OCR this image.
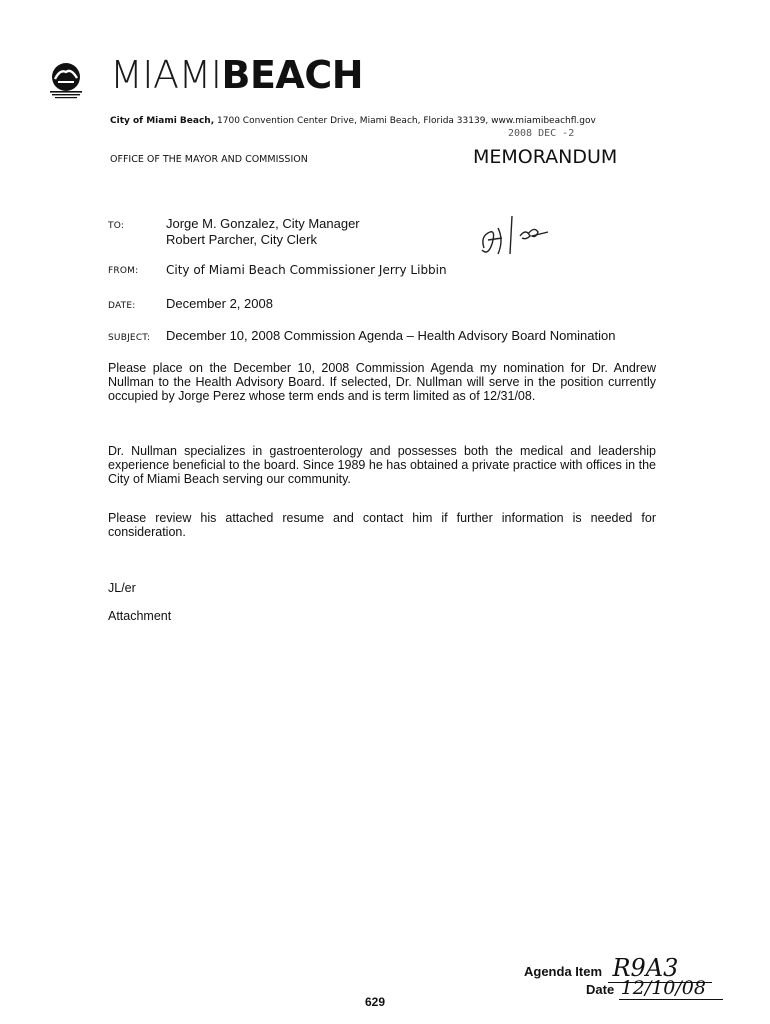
MIAMIBEACH
City of Miami Beach, 1700 Convention Center Drive, Miami Beach, Florida 33139, www.miamibeachfl.gov
2008 DEC -2
OFFICE OF THE MAYOR AND COMMISSION	MEMORANDUM
TO:	Jorge M. Gonzalez, City Manager
Robert Parcher, City Clerk
FROM: City of Miami Beach Commissioner Jerry Libbin
DATE: December 2, 2008
SUBJECT: December 10, 2008 Commission Agenda – Health Advisory Board Nomination
Please place on the December 10, 2008 Commission Agenda my nomination for Dr. Andrew Nullman to the Health Advisory Board. If selected, Dr. Nullman will serve in the position currently occupied by Jorge Perez whose term ends and is term limited as of 12/31/08.
Dr. Nullman specializes in gastroenterology and possesses both the medical and leadership experience beneficial to the board. Since 1989 he has obtained a private practice with offices in the City of Miami Beach serving our community.
Please review his attached resume and contact him if further information is needed for consideration.
JL/er
Attachment
Agenda Item R9A3
Date 12/10/08
629
